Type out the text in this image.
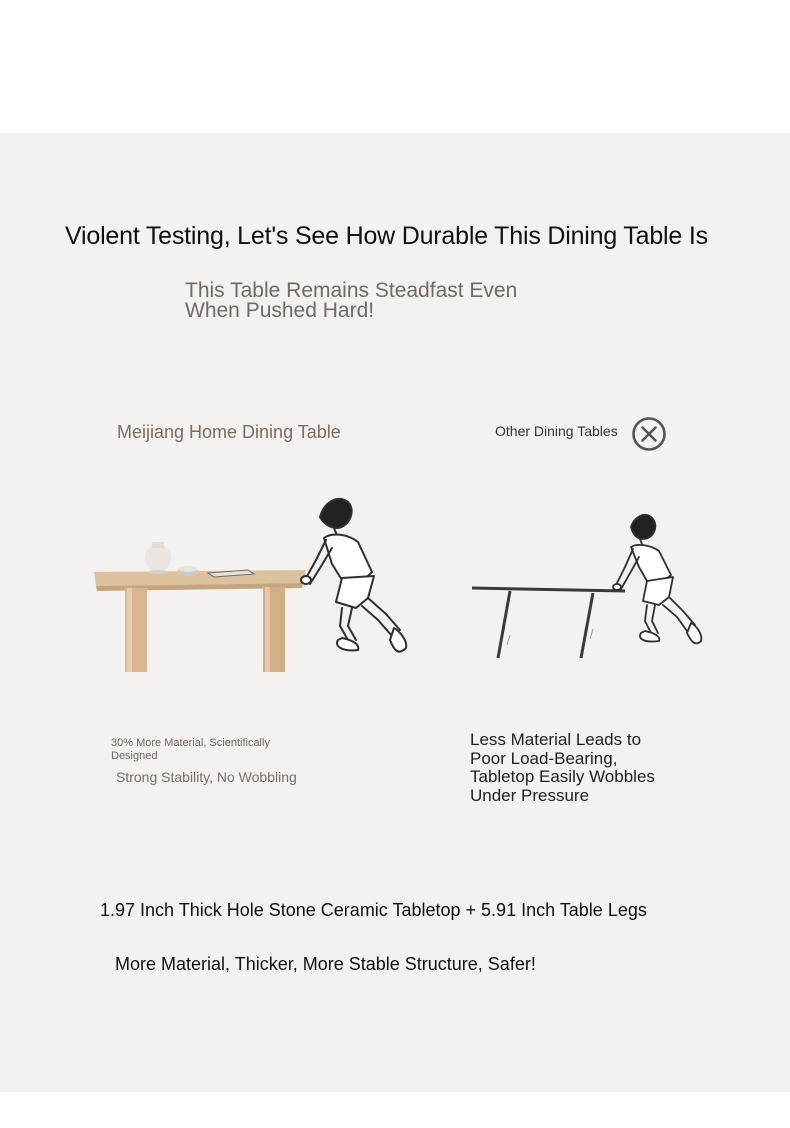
Violent Testing, Let's See How Durable This Dining Table Is
This Table Remains Steadfast Even
When Pushed Hard!
Meijiang Home Dining Table	Other Dining Tables
30% More Material, Scientifically
Designed
Strong Stability, No Wobbling
Less Material Leads to
Poor Load-Bearing,
Tabletop Easily Wobbles
Under Pressure
1.97 Inch Thick Hole Stone Ceramic Tabletop + 5.91 Inch Table Legs
More Material, Thicker, More Stable Structure, Safer!
